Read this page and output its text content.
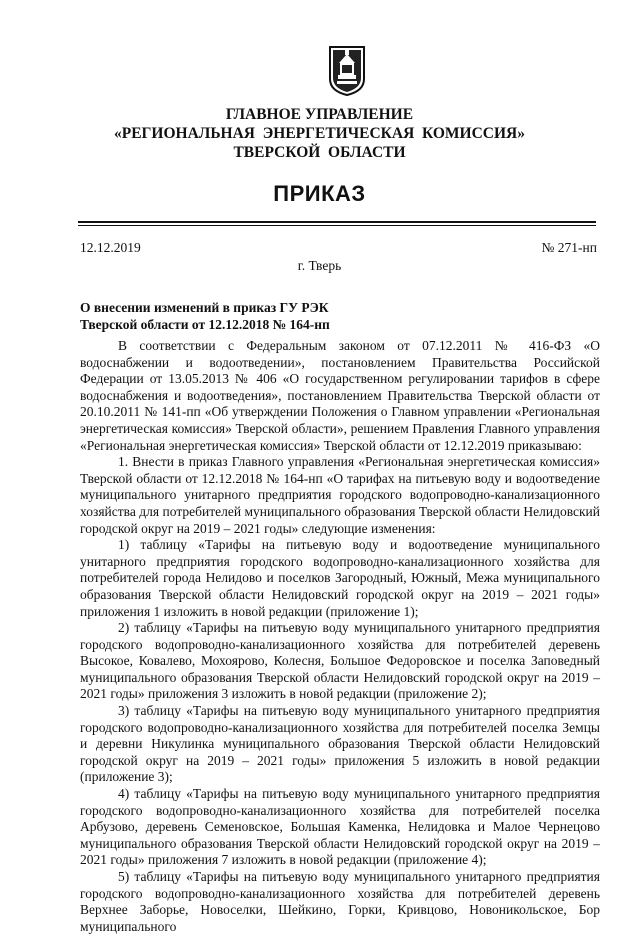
ГЛАВНОЕ УПРАВЛЕНИЕ
«РЕГИОНАЛЬНАЯ  ЭНЕРГЕТИЧЕСКАЯ  КОМИССИЯ»
ТВЕРСКОЙ  ОБЛАСТИ
ПРИКАЗ
12.12.2019	№ 271-нп
г. Тверь
О внесении изменений в приказ ГУ РЭК
Тверской области от 12.12.2018 № 164-нп

В соответствии с Федеральным законом от 07.12.2011 № 416-ФЗ «О водоснабжении и водоотведении», постановлением Правительства Российской Федерации от 13.05.2013 № 406 «О государственном регулировании тарифов в сфере водоснабжения и водоотведения», постановлением Правительства Тверской области от 20.10.2011 № 141-пп «Об утверждении Положения о Главном управлении «Региональная энергетическая комиссия» Тверской области», решением Правления Главного управления «Региональная энергетическая комиссия» Тверской области от 12.12.2019 приказываю:

1. Внести в приказ Главного управления «Региональная энергетическая комиссия» Тверской области от 12.12.2018 № 164-нп «О тарифах на питьевую воду и водоотведение муниципального унитарного предприятия городского водопроводно-канализационного хозяйства для потребителей муниципального образования Тверской области Нелидовский городской округ на 2019 – 2021 годы» следующие изменения:

1) таблицу «Тарифы на питьевую воду и водоотведение муниципального унитарного предприятия городского водопроводно-канализационного хозяйства для потребителей города Нелидово и поселков Загородный, Южный, Межа муниципального образования Тверской области Нелидовский городской округ на 2019 – 2021 годы» приложения 1 изложить в новой редакции (приложение 1);

2) таблицу «Тарифы на питьевую воду муниципального унитарного предприятия городского водопроводно-канализационного хозяйства для потребителей деревень Высокое, Ковалево, Мохоярово, Колесня, Большое Федоровское и поселка Заповедный муниципального образования Тверской области Нелидовский городской округ на 2019 – 2021 годы» приложения 3 изложить в новой редакции (приложение 2);

3) таблицу «Тарифы на питьевую воду муниципального унитарного предприятия городского водопроводно-канализационного хозяйства для потребителей поселка Земцы и деревни Никулинка муниципального образования Тверской области Нелидовский городской округ на 2019 – 2021 годы» приложения 5 изложить в новой редакции (приложение 3);

4) таблицу «Тарифы на питьевую воду муниципального унитарного предприятия городского водопроводно-канализационного хозяйства для потребителей поселка Арбузово, деревень Семеновское, Большая Каменка, Нелидовка и Малое Чернецово муниципального образования Тверской области Нелидовский городской округ на 2019 – 2021 годы» приложения 7 изложить в новой редакции (приложение 4);

5) таблицу «Тарифы на питьевую воду муниципального унитарного предприятия городского водопроводно-канализационного хозяйства для потребителей деревень Верхнее Заборье, Новоселки, Шейкино, Горки, Кривцово, Новоникольское, Бор муниципального
